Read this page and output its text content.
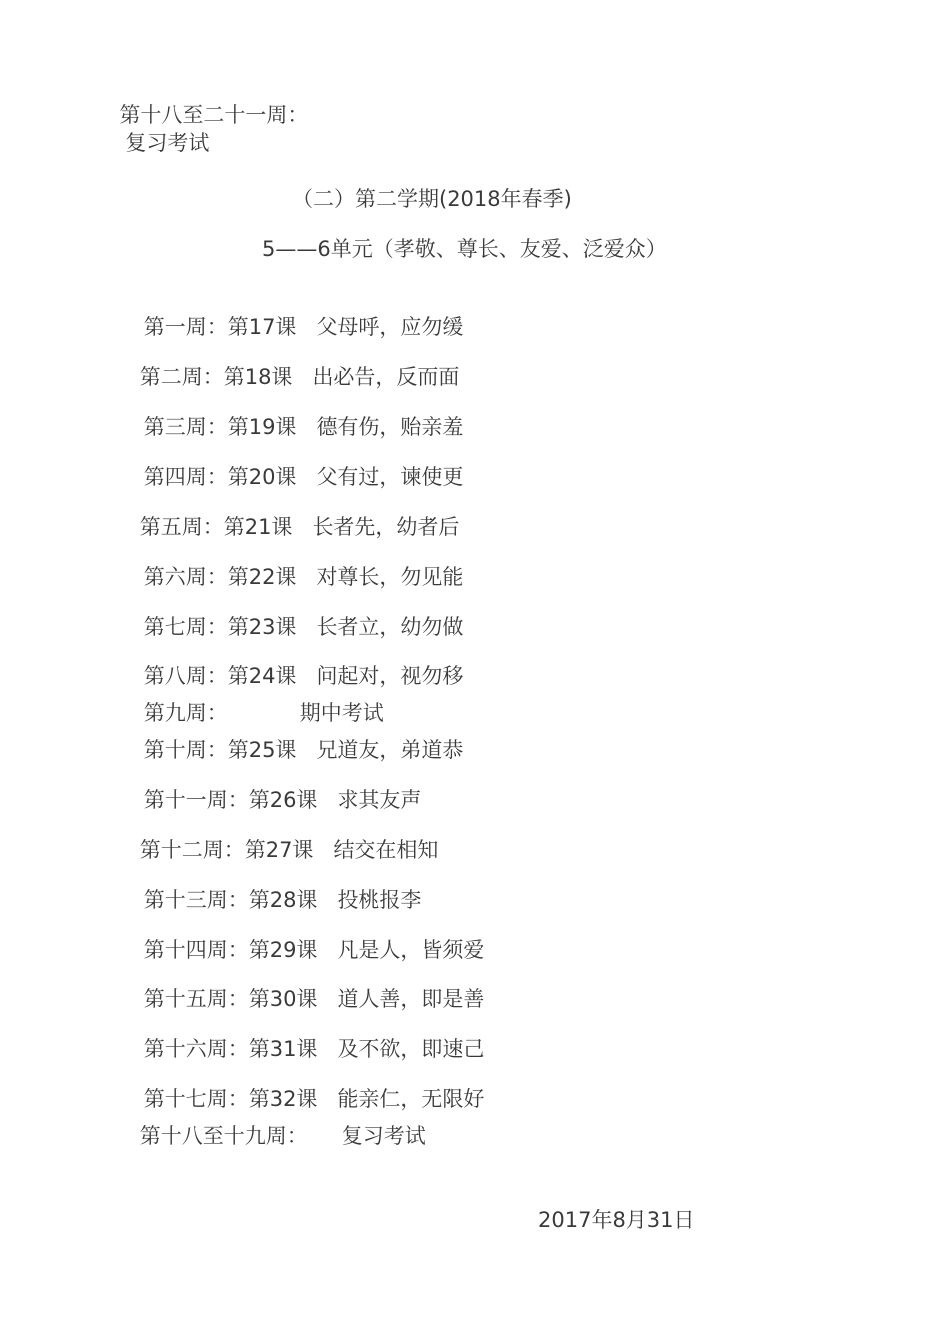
第十八至二十一周：
复习考试

（二）第二学期(2018年春季)
5——6单元（孝敬、尊长、友爱、泛爱众）

第一周：第17课 父母呼，应勿缓

第二周：第18课 出必告，反而面

第三周：第19课 德有伤，贻亲羞

第四周：第20课 父有过，谏使更

第五周：第21课 长者先，幼者后

第六周：第22课 对尊长，勿见能

第七周：第23课 长者立，幼勿做

第八周：第24课 问起对，视勿移

第九周：	期中考试

第十周：第25课 兄道友，弟道恭

第十一周：第26课 求其友声

第十二周：第27课 结交在相知

第十三周：第28课 投桃报李

第十四周：第29课 凡是人，皆须爱

第十五周：第30课 道人善，即是善

第十六周：第31课 及不欲，即速己

第十七周：第32课 能亲仁，无限好

第十八至十九周： 复习考试

2017年8月31日
